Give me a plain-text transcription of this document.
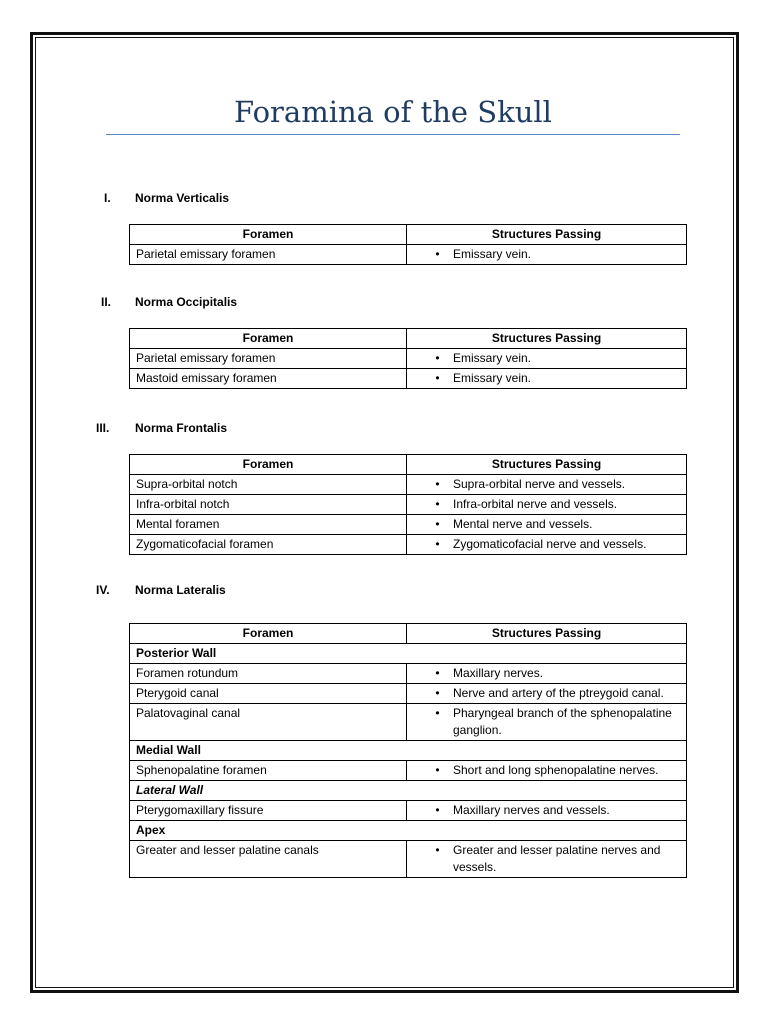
Foramina of the Skull
I. Norma Verticalis
Foramen	Structures Passing
Parietal emissary foramen	• Emissary vein.
II. Norma Occipitalis
Foramen	Structures Passing
Parietal emissary foramen	• Emissary vein.

Mastoid emissary foramen	• Emissary vein.
III. Norma Frontalis
Foramen	Structures Passing
Supra-orbital notch	• Supra-orbital nerve and vessels.

Infra-orbital notch	• Infra-orbital nerve and vessels.

Mental foramen	• Mental nerve and vessels.

Zygomaticofacial foramen	• Zygomaticofacial nerve and vessels.
IV. Norma Lateralis
Foramen	Structures Passing
Posterior Wall	
Foramen rotundum	• Maxillary nerves.

Pterygoid canal	• Nerve and artery of the ptreygoid canal.

Palatovaginal canal	• Pharyngeal branch of the sphenopalatine ganglion.

Medial Wall	
Sphenopalatine foramen	• Short and long sphenopalatine nerves.

Lateral Wall	
Pterygomaxillary fissure	• Maxillary nerves and vessels.

Apex	
Greater and lesser palatine canals	• Greater and lesser palatine nerves and vessels.
